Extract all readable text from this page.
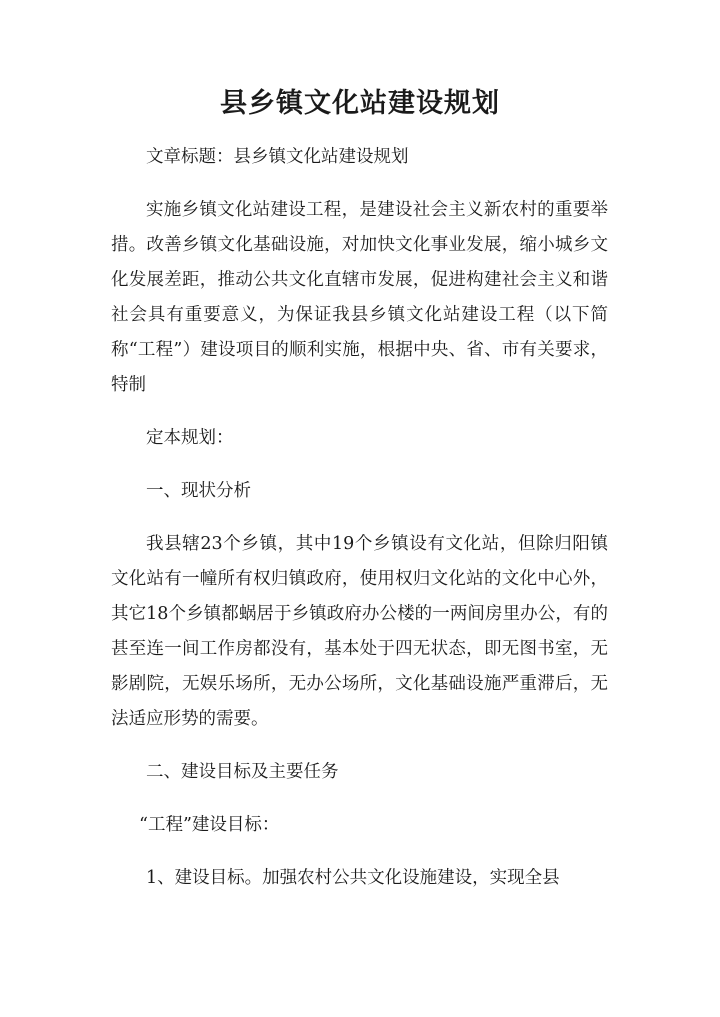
县乡镇文化站建设规划

文章标题：县乡镇文化站建设规划

实施乡镇文化站建设工程，是建设社会主义新农村的重要举措。改善乡镇文化基础设施，对加快文化事业发展，缩小城乡文化发展差距，推动公共文化直辖市发展，促进构建社会主义和谐社会具有重要意义，为保证我县乡镇文化站建设工程（以下简称“工程”）建设项目的顺利实施，根据中央、省、市有关要求，特制

定本规划：

一、现状分析

我县辖23个乡镇，其中19个乡镇设有文化站，但除归阳镇文化站有一幢所有权归镇政府，使用权归文化站的文化中心外，其它18个乡镇都蜗居于乡镇政府办公楼的一两间房里办公，有的甚至连一间工作房都没有，基本处于四无状态，即无图书室，无影剧院，无娱乐场所，无办公场所，文化基础设施严重滞后，无法适应形势的需要。

二、建设目标及主要任务

“工程”建设目标：

1、建设目标。加强农村公共文化设施建设，实现全县
